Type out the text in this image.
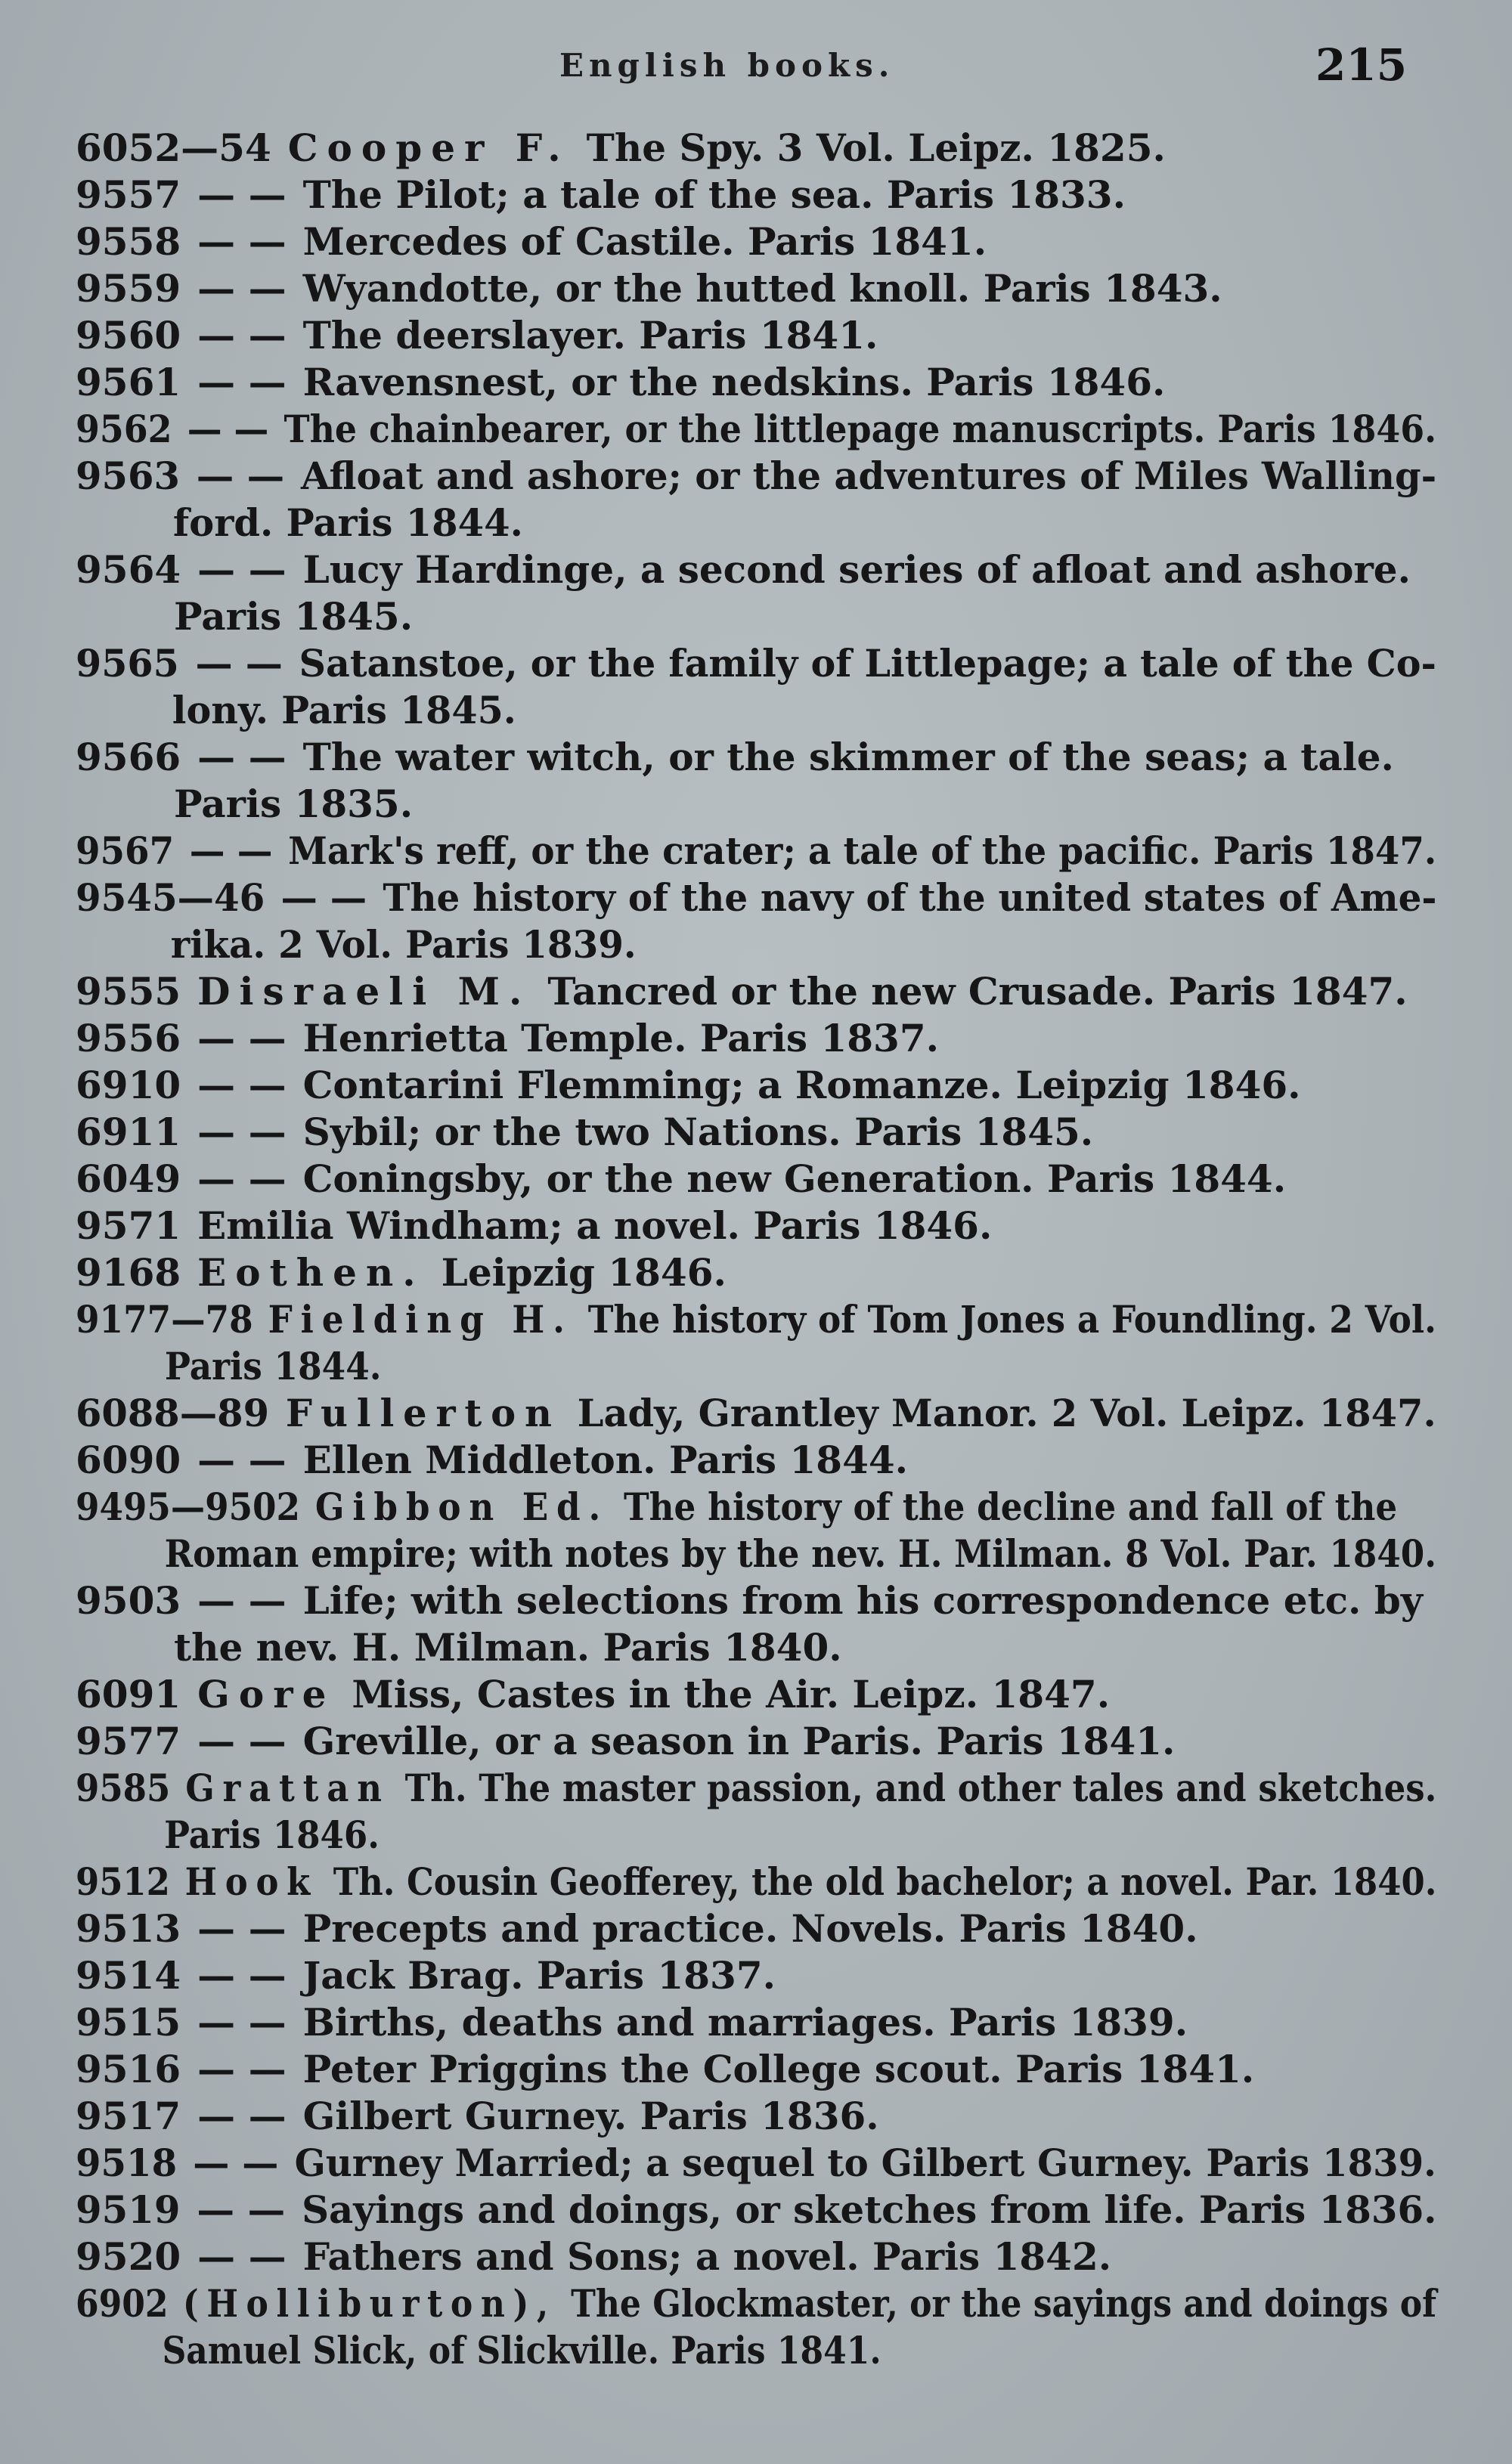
English books.	215
6052—54 Cooper F. The Spy. 3 Vol. Leipz. 1825.
9557 — — The Pilot; a tale of the sea. Paris 1833.
9558 — — Mercedes of Castile. Paris 1841.
9559 — — Wyandotte, or the hutted knoll. Paris 1843.
9560 — — The deerslayer. Paris 1841.
9561 — — Ravensnest, or the nedskins. Paris 1846.
9562 — — The chainbearer, or the littlepage manuscripts. Paris 1846.
9563 — — Afloat and ashore; or the adventures of Miles Walling-
ford. Paris 1844.
9564 — — Lucy Hardinge, a second series of afloat and ashore.
Paris 1845.
9565 — — Satanstoe, or the family of Littlepage; a tale of the Co-
lony. Paris 1845.
9566 — — The water witch, or the skimmer of the seas; a tale.
Paris 1835.
9567 — — Mark's reff, or the crater; a tale of the pacific. Paris 1847.
9545—46 — — The history of the navy of the united states of Ame-
rika. 2 Vol. Paris 1839.
9555 Disraeli M. Tancred or the new Crusade. Paris 1847.
9556 — — Henrietta Temple. Paris 1837.
6910 — — Contarini Flemming; a Romanze. Leipzig 1846.
6911 — — Sybil; or the two Nations. Paris 1845.
6049 — — Coningsby, or the new Generation. Paris 1844.
9571 Emilia Windham; a novel. Paris 1846.
9168 Eothen. Leipzig 1846.
9177—78 Fielding H. The history of Tom Jones a Foundling. 2 Vol.
Paris 1844.
6088—89 Fullerton Lady, Grantley Manor. 2 Vol. Leipz. 1847.
6090 — — Ellen Middleton. Paris 1844.
9495—9502 Gibbon Ed. The history of the decline and fall of the
Roman empire; with notes by the nev. H. Milman. 8 Vol. Par. 1840.
9503 — — Life; with selections from his correspondence etc. by
the nev. H. Milman. Paris 1840.
6091 Gore Miss, Castes in the Air. Leipz. 1847.
9577 — — Greville, or a season in Paris. Paris 1841.
9585 Grattan Th. The master passion, and other tales and sketches.
Paris 1846.
9512 Hook Th. Cousin Geofferey, the old bachelor; a novel. Par. 1840.
9513 — — Precepts and practice. Novels. Paris 1840.
9514 — — Jack Brag. Paris 1837.
9515 — — Births, deaths and marriages. Paris 1839.
9516 — — Peter Priggins the College scout. Paris 1841.
9517 — — Gilbert Gurney. Paris 1836.
9518 — — Gurney Married; a sequel to Gilbert Gurney. Paris 1839.
9519 — — Sayings and doings, or sketches from life. Paris 1836.
9520 — — Fathers and Sons; a novel. Paris 1842.
6902 (Holliburton), The Glockmaster, or the sayings and doings of
Samuel Slick, of Slickville. Paris 1841.
